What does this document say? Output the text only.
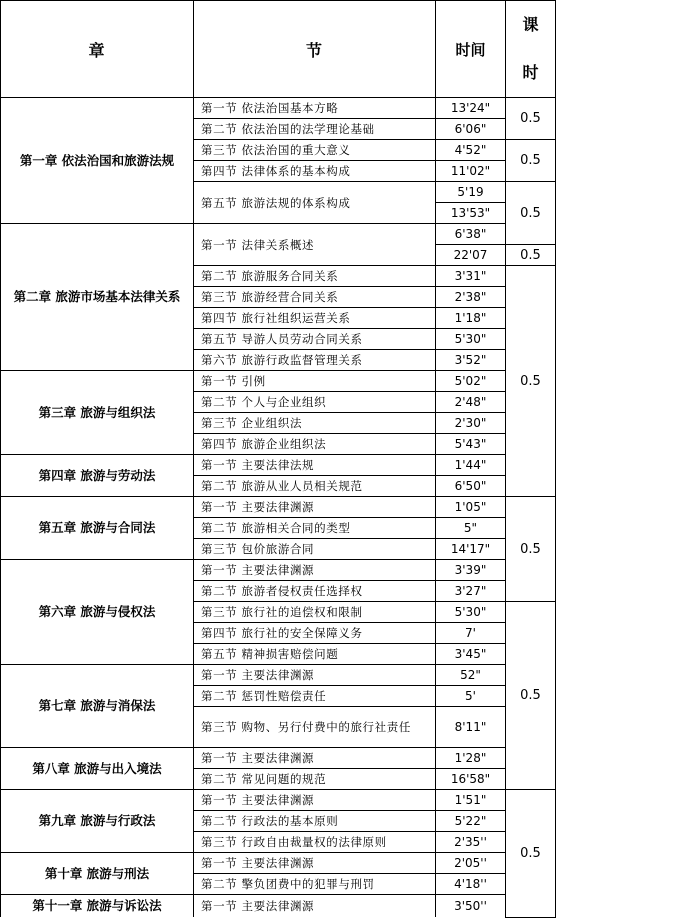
章	节	时间	课
时	

第一章 依法治国和旅游法规	第一节 依法治国基本方略	13'24"	0.5	
	第二节 依法治国的法学理论基础	6'06"		
	第三节 依法治国的重大意义	4'52"	0.5	
	第四节 法律体系的基本构成	11'02"		
	第五节 旅游法规的体系构成	5'19	0.5	
		13'53"		
第二章 旅游市场基本法律关系	第一节 法律关系概述	6'38"		
		22'07	0.5	
	第二节 旅游服务合同关系	3'31"	0.5	
	第三节 旅游经营合同关系	2'38"		
	第四节 旅行社组织运营关系	1'18"		
	第五节 导游人员劳动合同关系	5'30"		
	第六节 旅游行政监督管理关系	3'52"		
第三章 旅游与组织法	第一节 引例	5'02"		
	第二节 个人与企业组织	2'48"		
	第三节 企业组织法	2'30"		
	第四节 旅游企业组织法	5'43"		
第四章 旅游与劳动法	第一节 主要法律法规	1'44"		
	第二节 旅游从业人员相关规范	6'50"		
第五章 旅游与合同法	第一节 主要法律渊源	1'05"	0.5	
	第二节 旅游相关合同的类型	5"		
	第三节 包价旅游合同	14'17"		
第六章 旅游与侵权法	第一节 主要法律渊源	3'39"		
	第二节 旅游者侵权责任选择权	3'27"		
	第三节 旅行社的追偿权和限制	5'30"	0.5	
	第四节 旅行社的安全保障义务	7'		
	第五节 精神损害赔偿问题	3'45"		
第七章 旅游与消保法	第一节 主要法律渊源	52"		
	第二节 惩罚性赔偿责任	5'		
	第三节 购物、另行付费中的旅行社责任	8'11"		
第八章 旅游与出入境法	第一节 主要法律渊源	1'28"	
	第二节 常见问题的规范	16'58"		
第九章 旅游与行政法	第一节 主要法律渊源	1'51"	0.5	
	第二节 行政法的基本原则	5'22"		
	第三节 行政自由裁量权的法律原则	2'35''		
第十章 旅游与刑法	第一节 主要法律渊源	2'05''		
	第二节 擎负团费中的犯罪与刑罚	4'18''		
第十一章 旅游与诉讼法	第一节 主要法律渊源	3'50''		
